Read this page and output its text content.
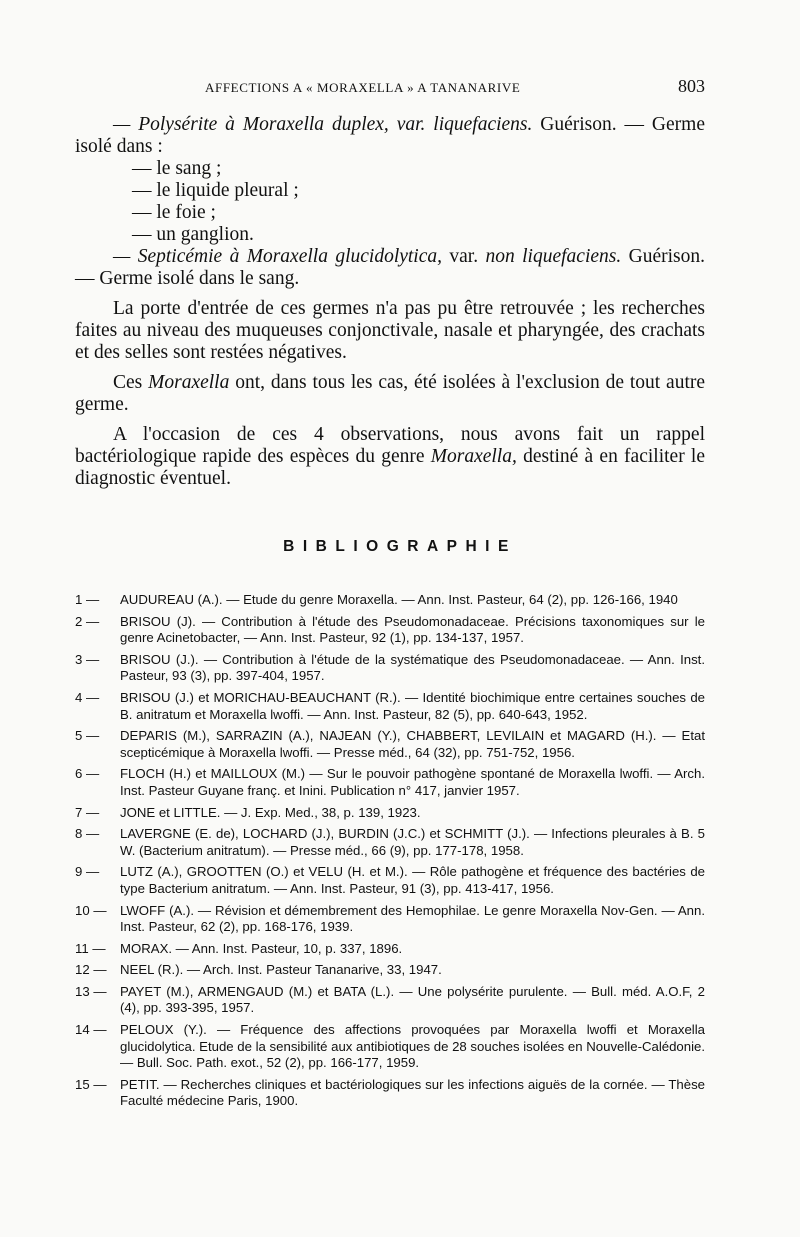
AFFECTIONS A « MORAXELLA » A TANANARIVE	803

— Polysérite à Moraxella duplex, var. liquefaciens. Guérison. — Germe isolé dans :

— le sang ;

— le liquide pleural ;

— le foie ;

— un ganglion.

— Septicémie à Moraxella glucidolytica, var. non liquefaciens. Guérison. — Germe isolé dans le sang.

La porte d'entrée de ces germes n'a pas pu être retrouvée ; les recherches faites au niveau des muqueuses conjonctivale, nasale et pharyngée, des crachats et des selles sont restées négatives.

Ces Moraxella ont, dans tous les cas, été isolées à l'exclusion de tout autre germe.

A l'occasion de ces 4 observations, nous avons fait un rappel bactériologique rapide des espèces du genre Moraxella, destiné à en faciliter le diagnostic éventuel.

BIBLIOGRAPHIE
1 —	AUDUREAU (A.). — Etude du genre Moraxella. — Ann. Inst. Pasteur, 64 (2), pp. 126-166, 1940
2 —	BRISOU (J). — Contribution à l'étude des Pseudomonadaceae. Précisions taxonomiques sur le genre Acinetobacter, — Ann. Inst. Pasteur, 92 (1), pp. 134-137, 1957.
3 —	BRISOU (J.). — Contribution à l'étude de la systématique des Pseudomonadaceae. — Ann. Inst. Pasteur, 93 (3), pp. 397-404, 1957.
4 —	BRISOU (J.) et MORICHAU-BEAUCHANT (R.). — Identité biochimique entre certaines souches de B. anitratum et Moraxella lwoffi. — Ann. Inst. Pasteur, 82 (5), pp. 640-643, 1952.
5 —	DEPARIS (M.), SARRAZIN (A.), NAJEAN (Y.), CHABBERT, LEVILAIN et MAGARD (H.). — Etat scepticémique à Moraxella lwoffi. — Presse méd., 64 (32), pp. 751-752, 1956.
6 —	FLOCH (H.) et MAILLOUX (M.) — Sur le pouvoir pathogène spontané de Moraxella lwoffi. — Arch. Inst. Pasteur Guyane franç. et Inini. Publication n° 417, janvier 1957.
7 —	JONE et LITTLE. — J. Exp. Med., 38, p. 139, 1923.
8 —	LAVERGNE (E. de), LOCHARD (J.), BURDIN (J.C.) et SCHMITT (J.). — Infections pleurales à B. 5 W. (Bacterium anitratum). — Presse méd., 66 (9), pp. 177-178, 1958.
9 —	LUTZ (A.), GROOTTEN (O.) et VELU (H. et M.). — Rôle pathogène et fréquence des bactéries de type Bacterium anitratum. — Ann. Inst. Pasteur, 91 (3), pp. 413-417, 1956.
10 —	LWOFF (A.). — Révision et démembrement des Hemophilae. Le genre Moraxella Nov-Gen. — Ann. Inst. Pasteur, 62 (2), pp. 168-176, 1939.
11 —	MORAX. — Ann. Inst. Pasteur, 10, p. 337, 1896.
12 —	NEEL (R.). — Arch. Inst. Pasteur Tananarive, 33, 1947.
13 —	PAYET (M.), ARMENGAUD (M.) et BATA (L.). — Une polysérite purulente. — Bull. méd. A.O.F, 2 (4), pp. 393-395, 1957.
14 —	PELOUX (Y.). — Fréquence des affections provoquées par Moraxella lwoffi et Moraxella glucidolytica. Etude de la sensibilité aux antibiotiques de 28 souches isolées en Nouvelle-Calédonie. — Bull. Soc. Path. exot., 52 (2), pp. 166-177, 1959.
15 —	PETIT. — Recherches cliniques et bactériologiques sur les infections aiguës de la cornée. — Thèse Faculté médecine Paris, 1900.
